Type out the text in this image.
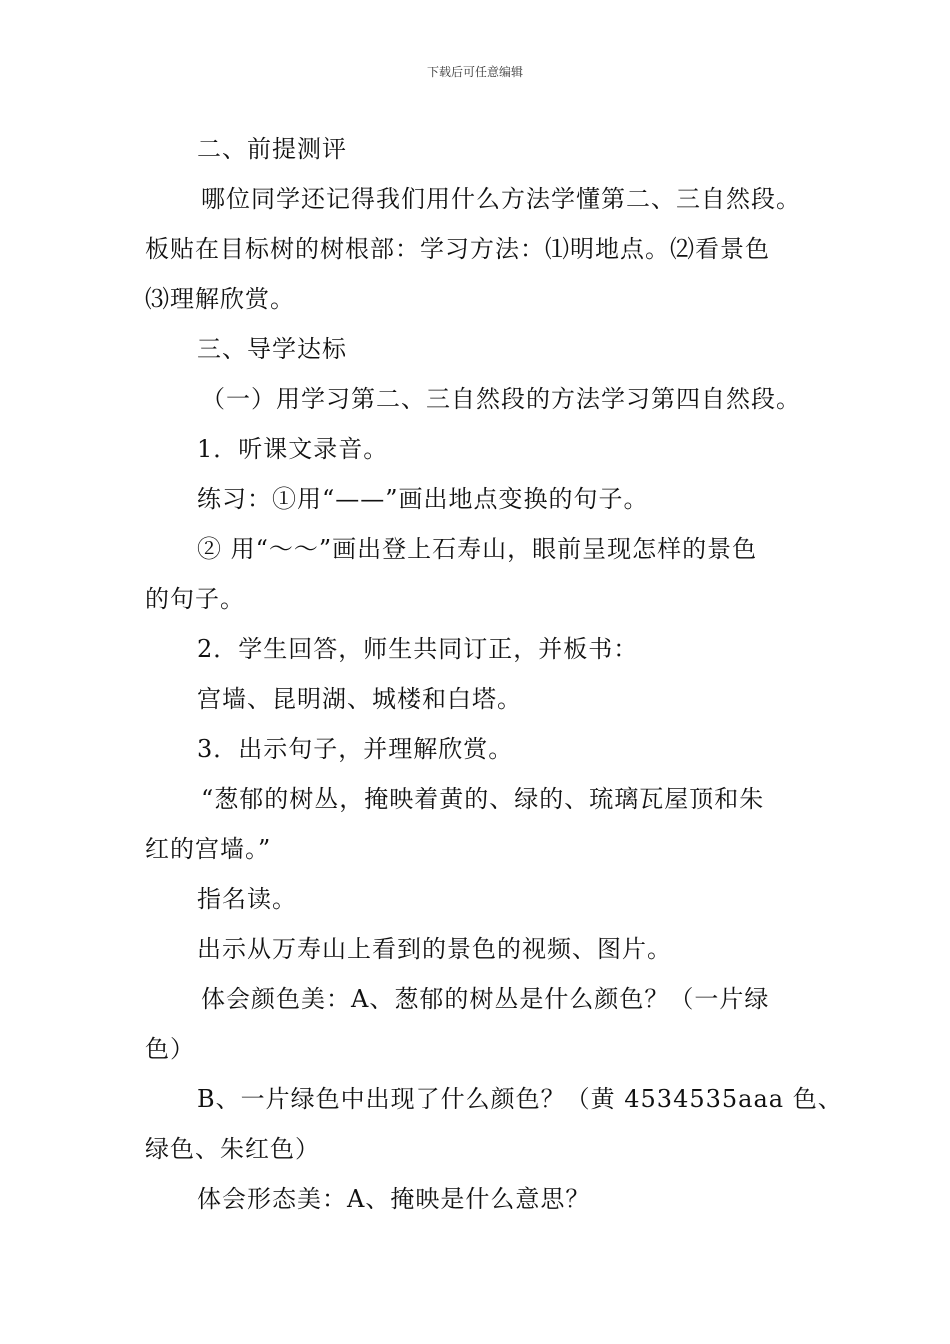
下载后可任意编辑
二、前提测评
哪位同学还记得我们用什么方法学懂第二、三自然段。
板贴在目标树的树根部：学习方法：⑴明地点。⑵看景色
⑶理解欣赏。
三、导学达标
（一）用学习第二、三自然段的方法学习第四自然段。
1．听课文录音。
练习：①用“——”画出地点变换的句子。
② 用“～～”画出登上石寿山，眼前呈现怎样的景色
的句子。
2．学生回答，师生共同订正，并板书：
宫墙、昆明湖、城楼和白塔。
3．出示句子，并理解欣赏。
“葱郁的树丛，掩映着黄的、绿的、琉璃瓦屋顶和朱
红的宫墙。”
指名读。
出示从万寿山上看到的景色的视频、图片。
体会颜色美：A、葱郁的树丛是什么颜色？（一片绿
色）
B、一片绿色中出现了什么颜色？（黄 4534535aaa 色、
绿色、朱红色）
体会形态美：A、掩映是什么意思？
